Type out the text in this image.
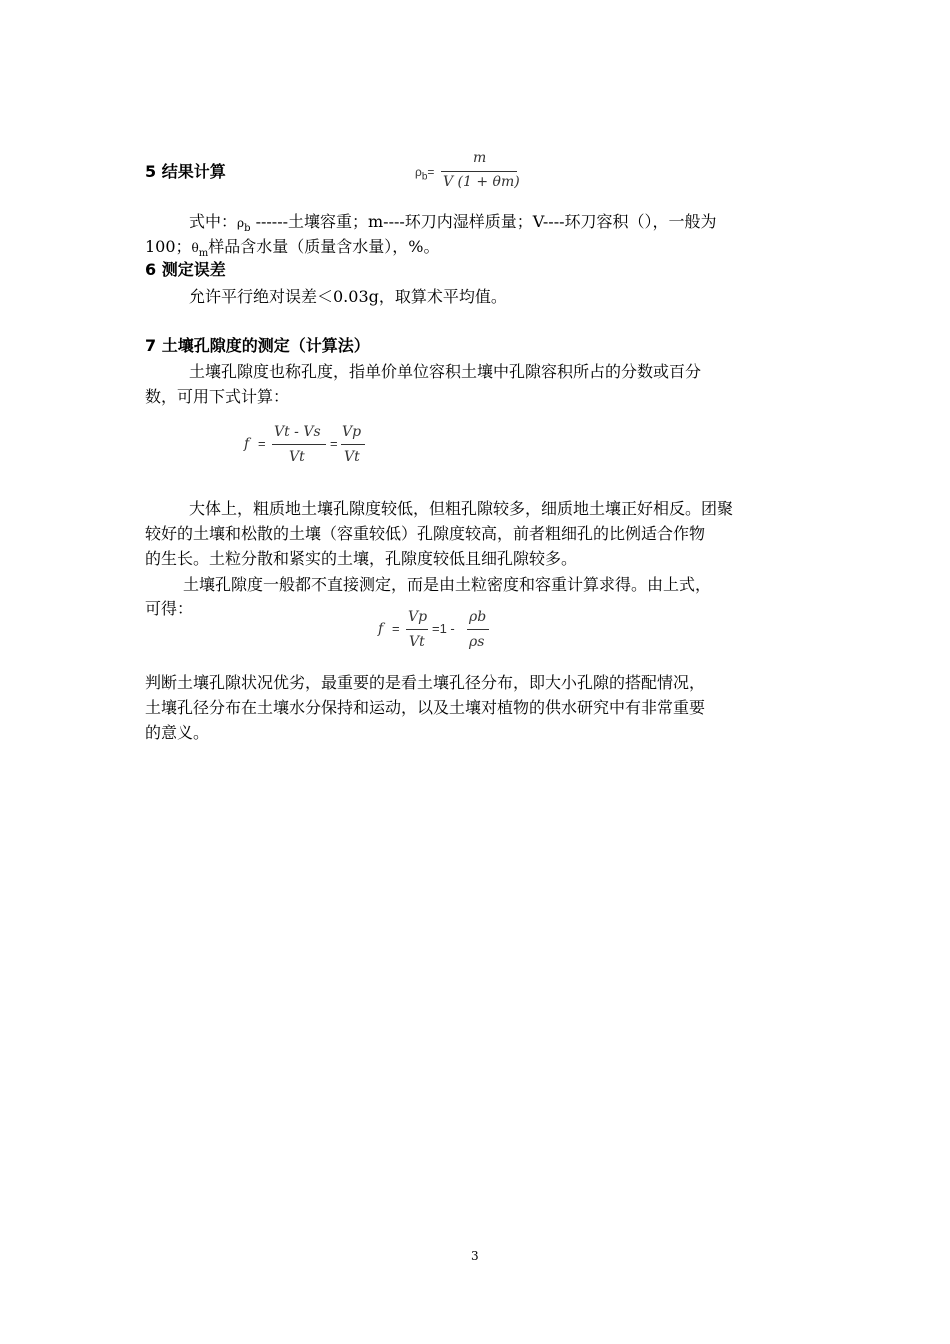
5 结果计算	$\rho_b=$
m
V (1 + θm)
式中：$\rho_b$ ------土壤容重；m----环刀内湿样质量；V----环刀容积（），一般为
100；$\theta_m$样品含水量（质量含水量），%。
6 测定误差
允许平行绝对误差＜0.03g，取算术平均值。
7 土壤孔隙度的测定（计算法）
土壤孔隙度也称孔度，指单价单位容积土壤中孔隙容积所占的分数或百分
数，可用下式计算：
f =
Vt - Vs
Vt
=
Vp
Vt
大体上，粗质地土壤孔隙度较低，但粗孔隙较多，细质地土壤正好相反。团聚
较好的土壤和松散的土壤（容重较低）孔隙度较高，前者粗细孔的比例适合作物
的生长。土粒分散和紧实的土壤，孔隙度较低且细孔隙较多。
土壤孔隙度一般都不直接测定，而是由土粒密度和容重计算求得。由上式，
可得：
f =
Vp
Vt
=1 -
ρb
ρs
判断土壤孔隙状况优劣，最重要的是看土壤孔径分布，即大小孔隙的搭配情况，
土壤孔径分布在土壤水分保持和运动，以及土壤对植物的供水研究中有非常重要
的意义。
3
